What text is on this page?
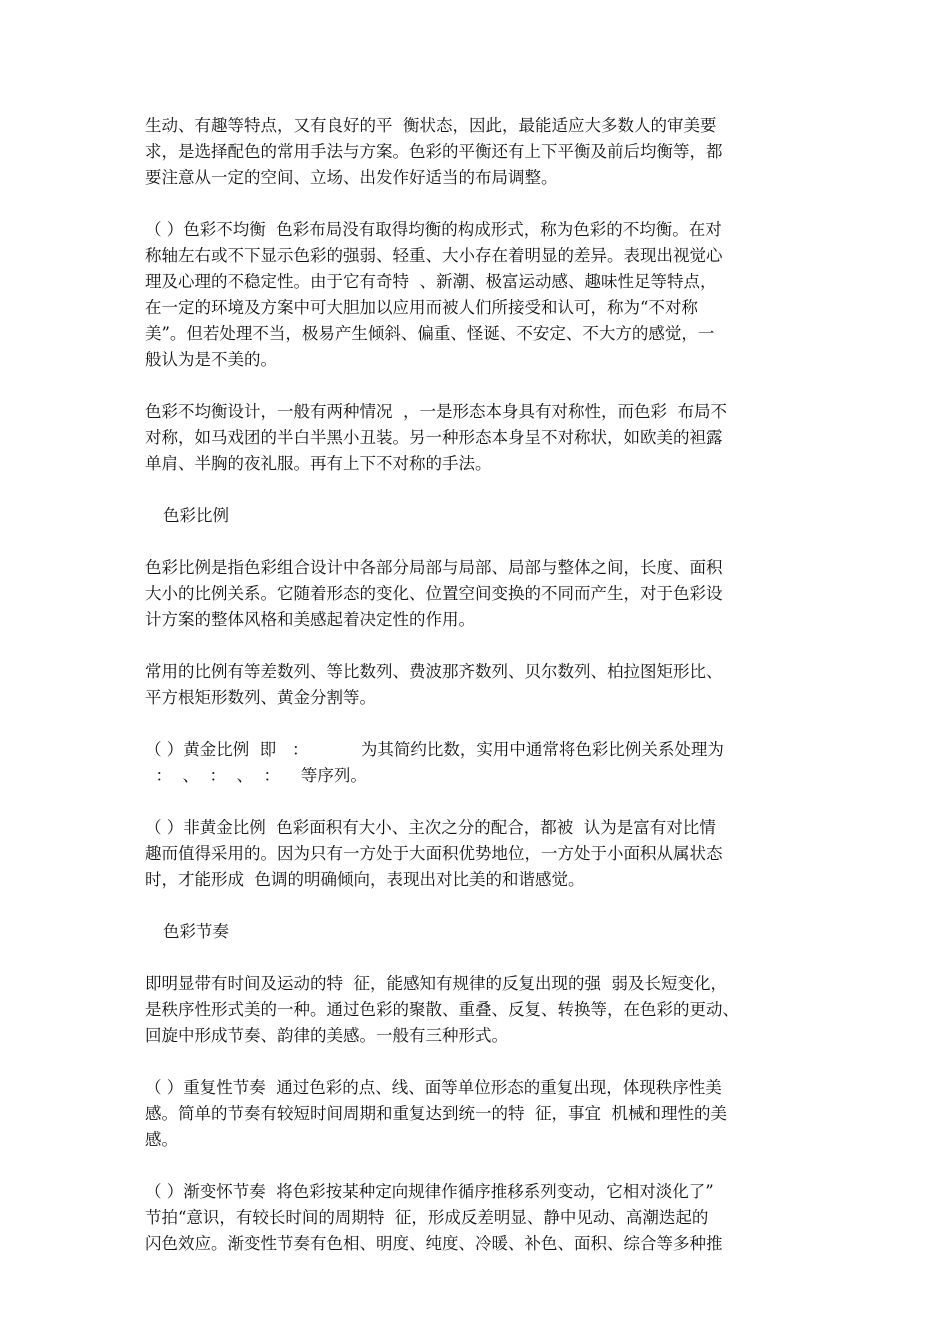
生动、有趣等特点，又有良好的平  衡状态，因此，最能适应大多数人的审美要
求，是选择配色的常用手法与方案。色彩的平衡还有上下平衡及前后均衡等，都
要注意从一定的空间、立场、出发作好适当的布局调整。
（ ）色彩不均衡  色彩布局没有取得均衡的构成形式，称为色彩的不均衡。在对
称轴左右或不下显示色彩的强弱、轻重、大小存在着明显的差异。表现出视觉心
理及心理的不稳定性。由于它有奇特  、新潮、极富运动感、趣味性足等特点，
在一定的环境及方案中可大胆加以应用而被人们所接受和认可，称为“不对称
美”。但若处理不当，极易产生倾斜、偏重、怪诞、不安定、不大方的感觉，一
般认为是不美的。
色彩不均衡设计，一般有两种情况  ，一是形态本身具有对称性，而色彩  布局不
对称，如马戏团的半白半黑小丑装。另一种形态本身呈不对称状，如欧美的袒露
单肩、半胸的夜礼服。再有上下不对称的手法。
色彩比例
色彩比例是指色彩组合设计中各部分局部与局部、局部与整体之间，长度、面积
大小的比例关系。它随着形态的变化、位置空间变换的不同而产生，对于色彩设
计方案的整体风格和美感起着决定性的作用。
常用的比例有等差数列、等比数列、费波那齐数列、贝尔数列、柏拉图矩形比、
平方根矩形数列、黄金分割等。
（ ）黄金比例  即   ：          为其简约比数，实用中通常将色彩比例关系处理为
：  、  ：  、  ：    等序列。
（ ）非黄金比例  色彩面积有大小、主次之分的配合，都被  认为是富有对比情
趣而值得采用的。因为只有一方处于大面积优势地位，一方处于小面积从属状态
时，才能形成  色调的明确倾向，表现出对比美的和谐感觉。
色彩节奏
即明显带有时间及运动的特  征，能感知有规律的反复出现的强  弱及长短变化，
是秩序性形式美的一种。通过色彩的聚散、重叠、反复、转换等，在色彩的更动、
回旋中形成节奏、韵律的美感。一般有三种形式。
（ ）重复性节奏  通过色彩的点、线、面等单位形态的重复出现，体现秩序性美
感。简单的节奏有较短时间周期和重复达到统一的特  征，事宜  机械和理性的美
感。
（ ）渐变怀节奏  将色彩按某种定向规律作循序推移系列变动，它相对淡化了”
节拍“意识，有较长时间的周期特  征，形成反差明显、静中见动、高潮迭起的
闪色效应。渐变性节奏有色相、明度、纯度、冷暖、补色、面积、综合等多种推
